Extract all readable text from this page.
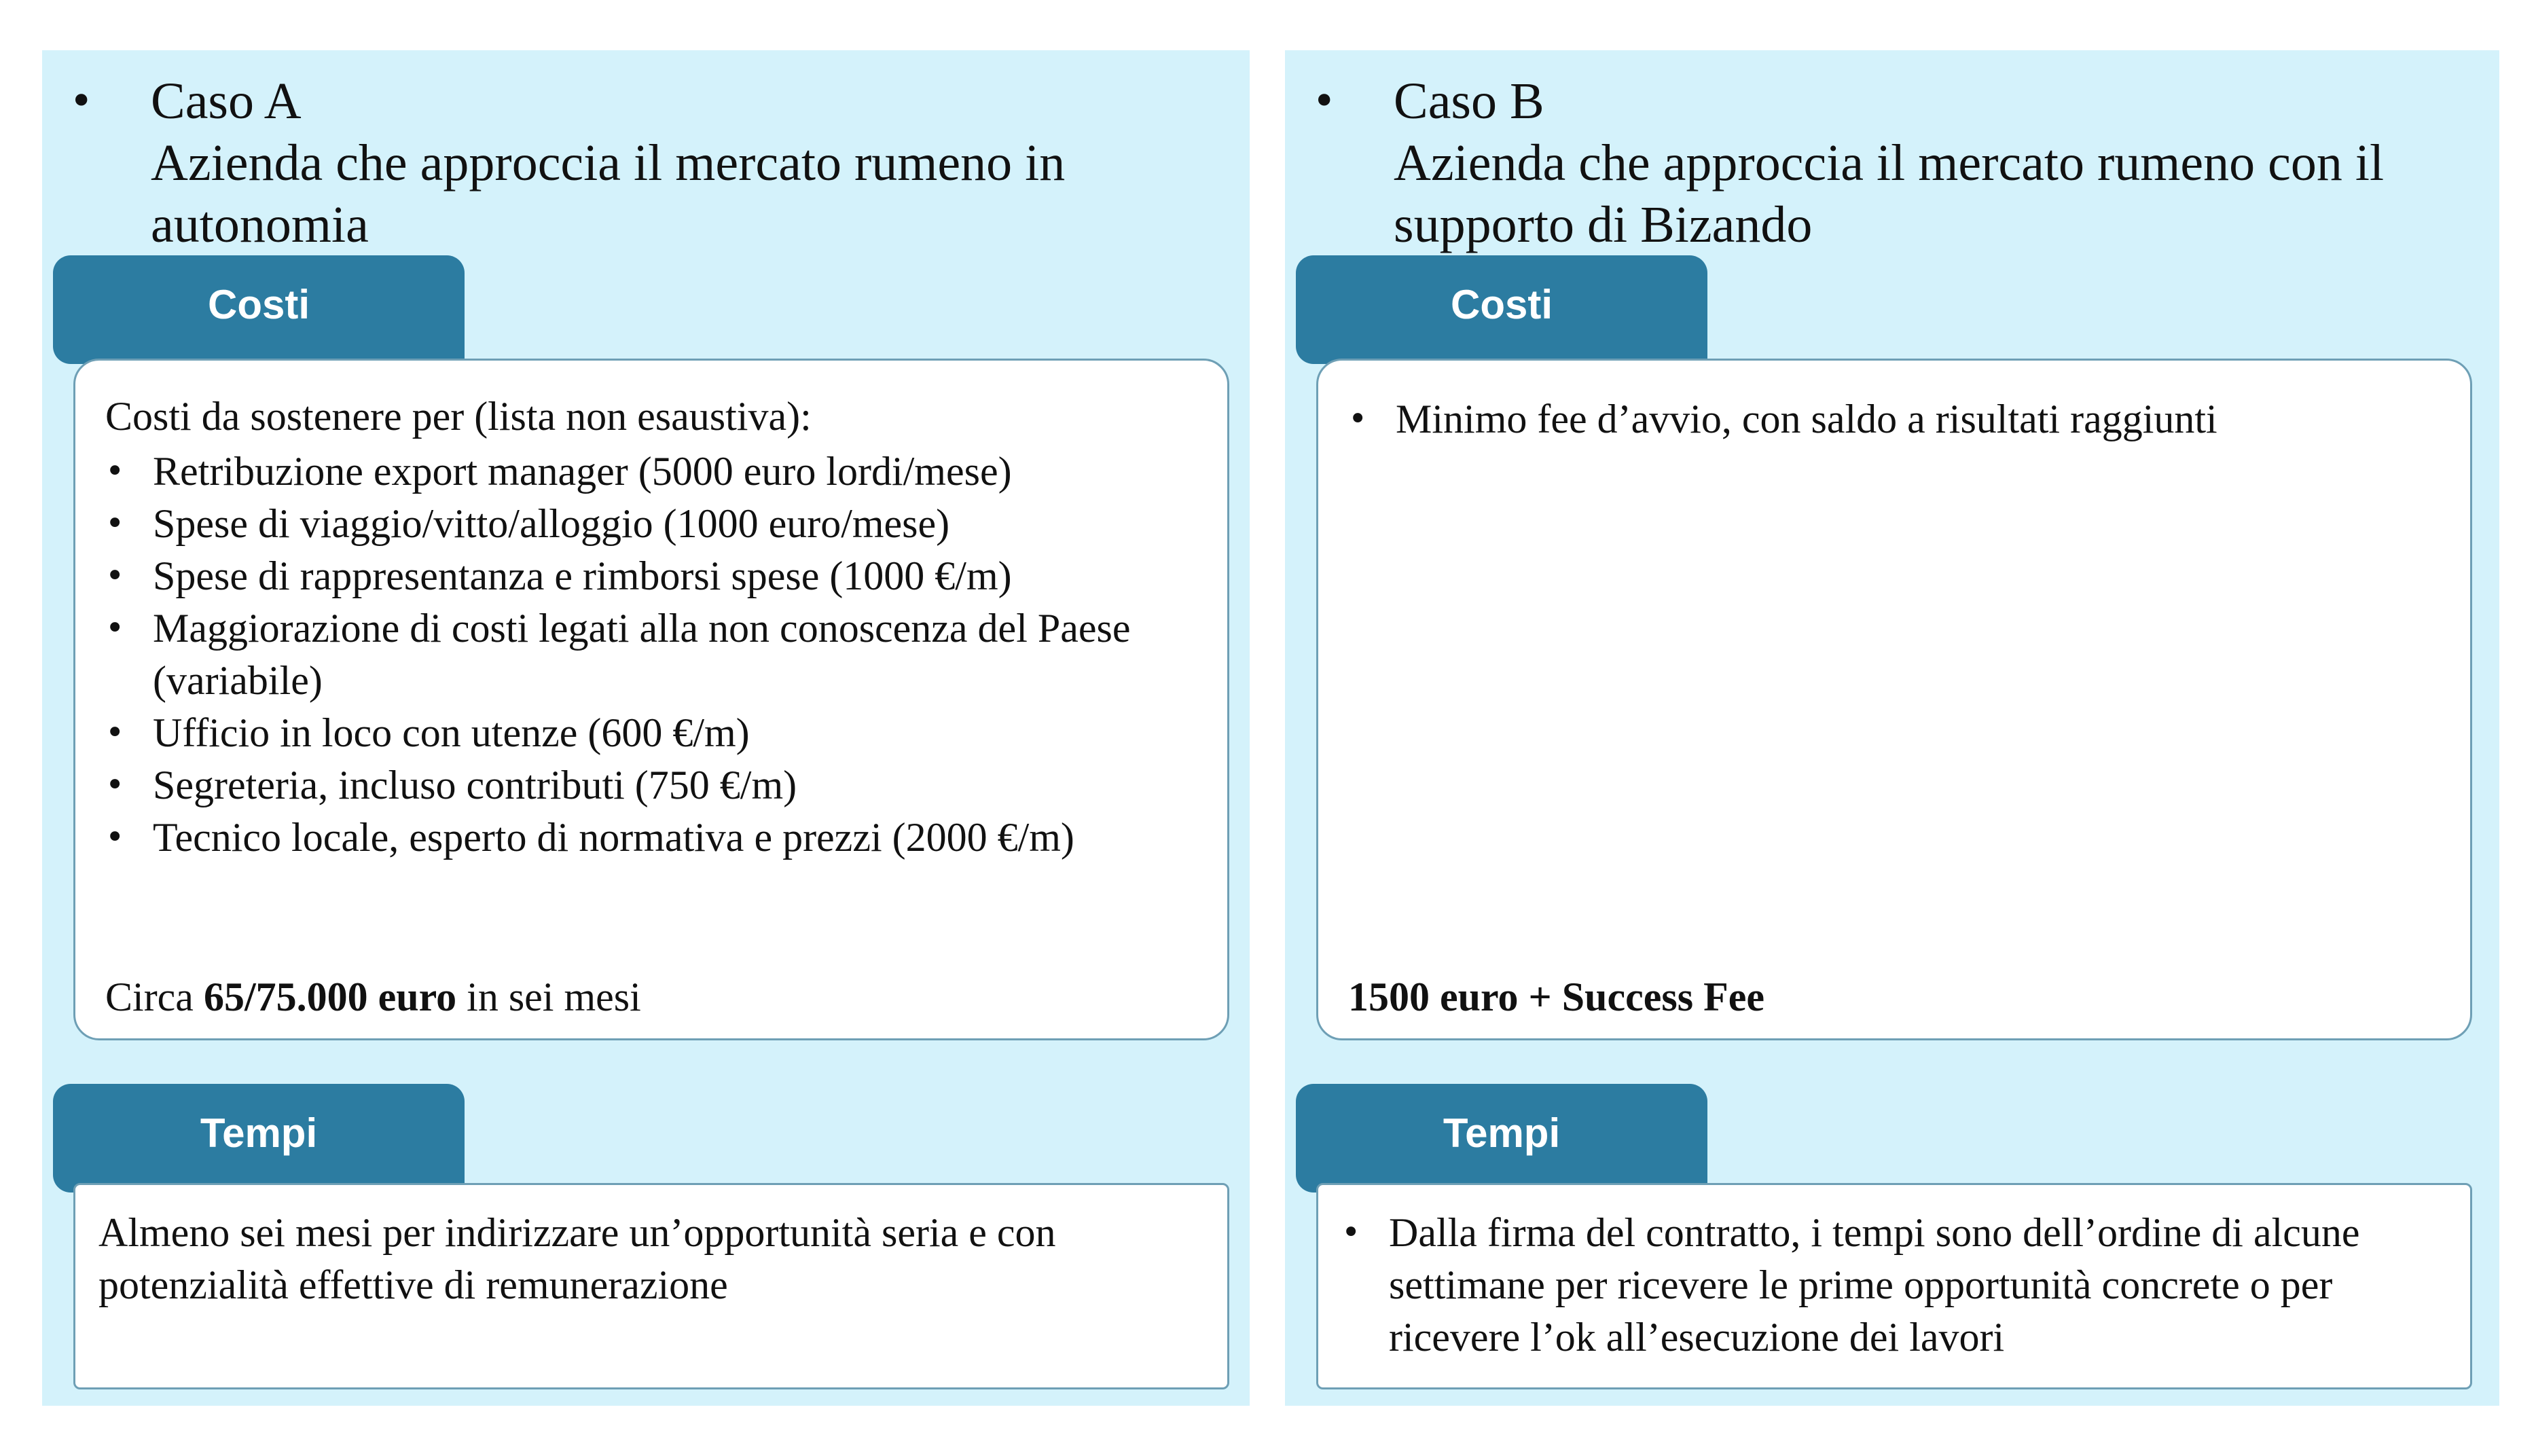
• Caso A
Azienda che approccia il mercato rumeno in
autonomia
Costi
Costi da sostenere per (lista non esaustiva):
• Retribuzione export manager (5000 euro lordi/mese)
• Spese di viaggio/vitto/alloggio (1000 euro/mese)
• Spese di rappresentanza e rimborsi spese (1000 €/m)
• Maggiorazione di costi legati alla non conoscenza del Paese (variabile)
• Ufficio in loco con utenze (600 €/m)
• Segreteria, incluso contributi (750 €/m)
• Tecnico locale, esperto di normativa e prezzi (2000 €/m)
Circa 65/75.000 euro in sei mesi
Tempi
Almeno sei mesi per indirizzare un’opportunità seria e con potenzialità effettive di remunerazione
• Caso B
Azienda che approccia il mercato rumeno con il
supporto di Bizando
Costi
• Minimo fee d’avvio, con saldo a risultati raggiunti
1500 euro + Success Fee
Tempi
• Dalla firma del contratto, i tempi sono dell’ordine di alcune settimane per ricevere le prime opportunità concrete o per ricevere l’ok all’esecuzione dei lavori
